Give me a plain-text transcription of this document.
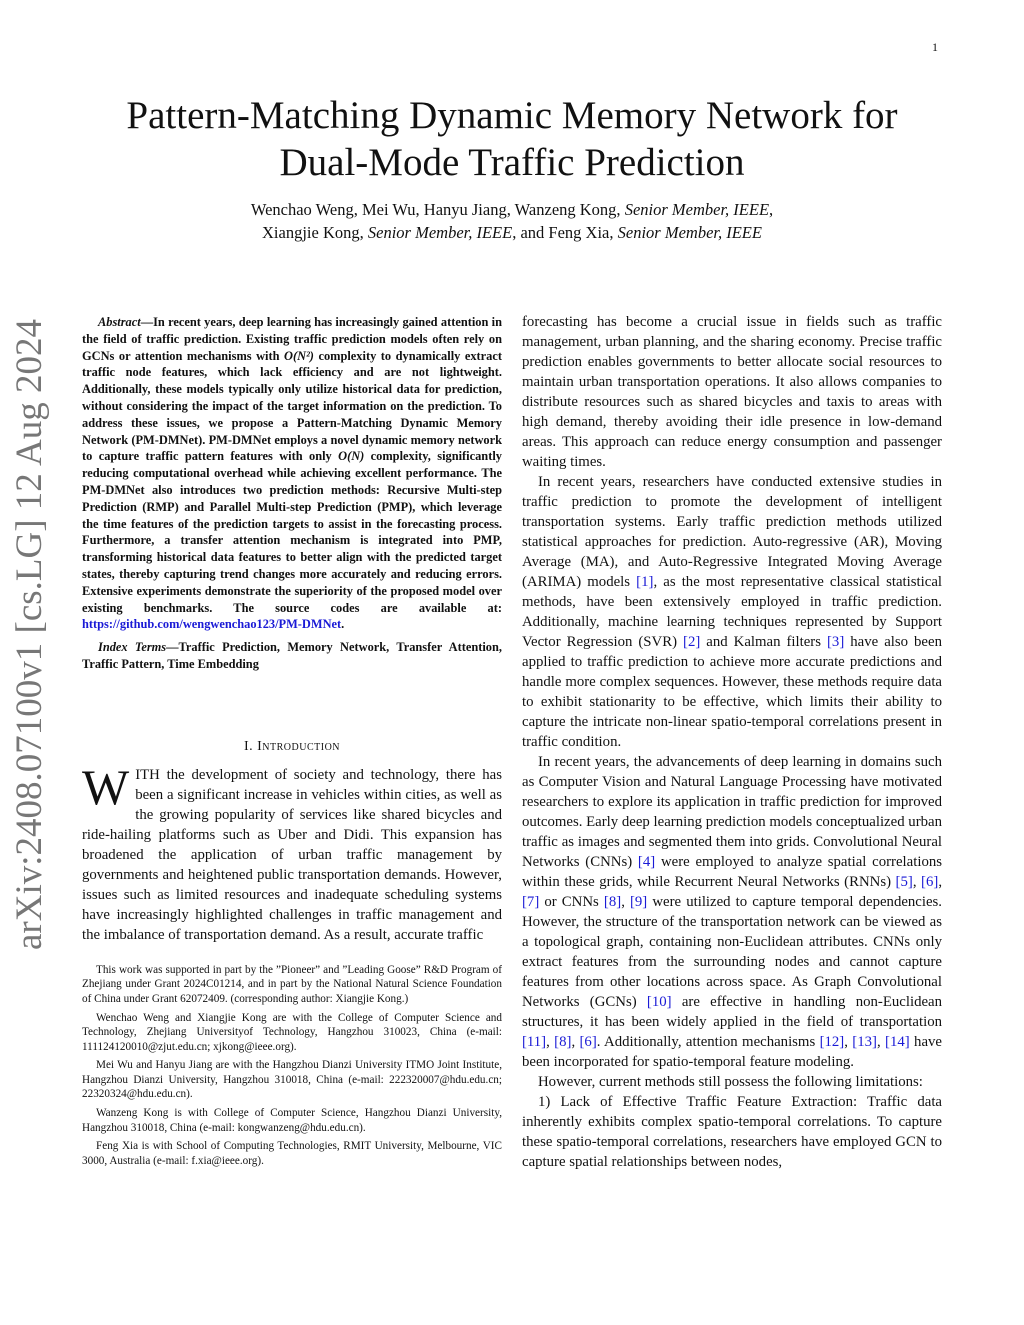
1
arXiv:2408.07100v1 [cs.LG] 12 Aug 2024
Pattern-Matching Dynamic Memory Network for
Dual-Mode Traffic Prediction
Wenchao Weng, Mei Wu, Hanyu Jiang, Wanzeng Kong, Senior Member, IEEE,
Xiangjie Kong, Senior Member, IEEE, and Feng Xia, Senior Member, IEEE

Abstract—In recent years, deep learning has increasingly gained attention in the field of traffic prediction. Existing traffic prediction models often rely on GCNs or attention mechanisms with O(N²) complexity to dynamically extract traffic node features, which lack efficiency and are not lightweight. Additionally, these models typically only utilize historical data for prediction, without considering the impact of the target information on the prediction. To address these issues, we propose a Pattern-Matching Dynamic Memory Network (PM-DMNet). PM-DMNet employs a novel dynamic memory network to capture traffic pattern features with only O(N) complexity, significantly reducing computational overhead while achieving excellent performance. The PM-DMNet also introduces two prediction methods: Recursive Multi-step Prediction (RMP) and Parallel Multi-step Prediction (PMP), which leverage the time features of the prediction targets to assist in the forecasting process. Furthermore, a transfer attention mechanism is integrated into PMP, transforming historical data features to better align with the predicted target states, thereby capturing trend changes more accurately and reducing errors. Extensive experiments demonstrate the superiority of the proposed model over existing benchmarks. The source codes are available at: https://github.com/wengwenchao123/PM-DMNet.

Index Terms—Traffic Prediction, Memory Network, Transfer Attention, Traffic Pattern, Time Embedding

I. Introduction

WITH the development of society and technology, there has been a significant increase in vehicles within cities, as well as the growing popularity of services like shared bicycles and ride-hailing platforms such as Uber and Didi. This expansion has broadened the application of urban traffic management by governments and heightened public transportation demands. However, issues such as limited resources and inadequate scheduling systems have increasingly highlighted challenges in traffic management and the imbalance of transportation demand. As a result, accurate traffic

This work was supported in part by the ”Pioneer” and ”Leading Goose” R&D Program of Zhejiang under Grant 2024C01214, and in part by the National Natural Science Foundation of China under Grant 62072409. (corresponding author: Xiangjie Kong.)

Wenchao Weng and Xiangjie Kong are with the College of Computer Science and Technology, Zhejiang Universityof Technology, Hangzhou 310023, China (e-mail: 111124120010@zjut.edu.cn; xjkong@ieee.org).

Mei Wu and Hanyu Jiang are with the Hangzhou Dianzi University ITMO Joint Institute, Hangzhou Dianzi University, Hangzhou 310018, China (e-mail: 222320007@hdu.edu.cn; 22320324@hdu.edu.cn).

Wanzeng Kong is with College of Computer Science, Hangzhou Dianzi University, Hangzhou 310018, China (e-mail: kongwanzeng@hdu.edu.cn).

Feng Xia is with School of Computing Technologies, RMIT University, Melbourne, VIC 3000, Australia (e-mail: f.xia@ieee.org).

forecasting has become a crucial issue in fields such as traffic management, urban planning, and the sharing economy. Precise traffic prediction enables governments to better allocate social resources to maintain urban transportation operations. It also allows companies to distribute resources such as shared bicycles and taxis to areas with high demand, thereby avoiding their idle presence in low-demand areas. This approach can reduce energy consumption and passenger waiting times.

In recent years, researchers have conducted extensive studies in traffic prediction to promote the development of intelligent transportation systems. Early traffic prediction methods utilized statistical approaches for prediction. Auto-regressive (AR), Moving Average (MA), and Auto-Regressive Integrated Moving Average (ARIMA) models [1], as the most representative classical statistical methods, have been extensively employed in traffic prediction. Additionally, machine learning techniques represented by Support Vector Regression (SVR) [2] and Kalman filters [3] have also been applied to traffic prediction to achieve more accurate predictions and handle more complex sequences. However, these methods require data to exhibit stationarity to be effective, which limits their ability to capture the intricate non-linear spatio-temporal correlations present in traffic condition.

In recent years, the advancements of deep learning in domains such as Computer Vision and Natural Language Processing have motivated researchers to explore its application in traffic prediction for improved outcomes. Early deep learning prediction models conceptualized urban traffic as images and segmented them into grids. Convolutional Neural Networks (CNNs) [4] were employed to analyze spatial correlations within these grids, while Recurrent Neural Networks (RNNs) [5], [6], [7] or CNNs [8], [9] were utilized to capture temporal dependencies. However, the structure of the transportation network can be viewed as a topological graph, containing non-Euclidean attributes. CNNs only extract features from the surrounding nodes and cannot capture features from other locations across space. As Graph Convolutional Networks (GCNs) [10] are effective in handling non-Euclidean structures, it has been widely applied in the field of transportation [11], [8], [6]. Additionally, attention mechanisms [12], [13], [14] have been incorporated for spatio-temporal feature modeling.

However, current methods still possess the following limitations:

1) Lack of Effective Traffic Feature Extraction: Traffic data inherently exhibits complex spatio-temporal correlations. To capture these spatio-temporal correlations, researchers have employed GCN to capture spatial relationships between nodes,
